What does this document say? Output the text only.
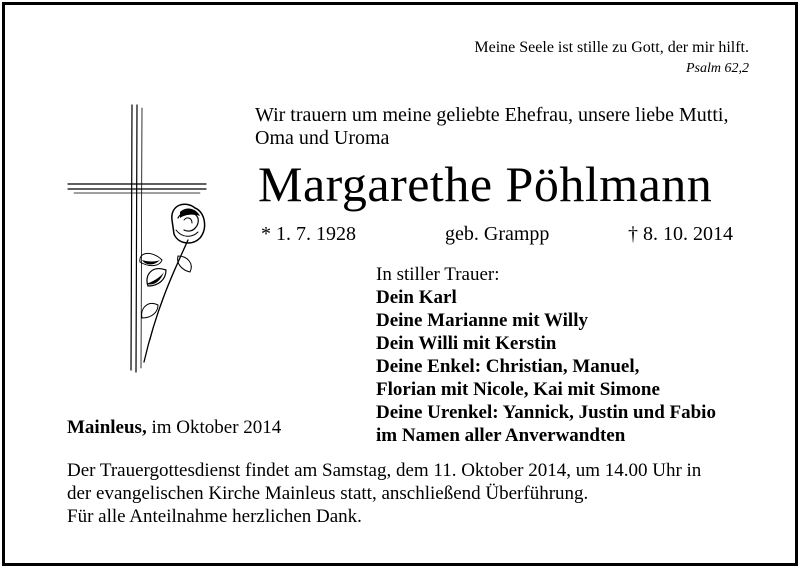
Meine Seele ist stille zu Gott, der mir hilft.
Psalm 62,2
Wir trauern um meine geliebte Ehefrau, unsere liebe Mutti,
Oma und Uroma
Margarethe Pöhlmann
* 1. 7. 1928	geb. Grampp	† 8. 10. 2014
In stiller Trauer:
Dein Karl
Deine Marianne mit Willy
Dein Willi mit Kerstin
Deine Enkel: Christian, Manuel,
Florian mit Nicole, Kai mit Simone
Deine Urenkel: Yannick, Justin und Fabio
im Namen aller Anverwandten
Mainleus, im Oktober 2014
Der Trauergottesdienst findet am Samstag, dem 11. Oktober 2014, um 14.00 Uhr in
der evangelischen Kirche Mainleus statt, anschließend Überführung.
Für alle Anteilnahme herzlichen Dank.
